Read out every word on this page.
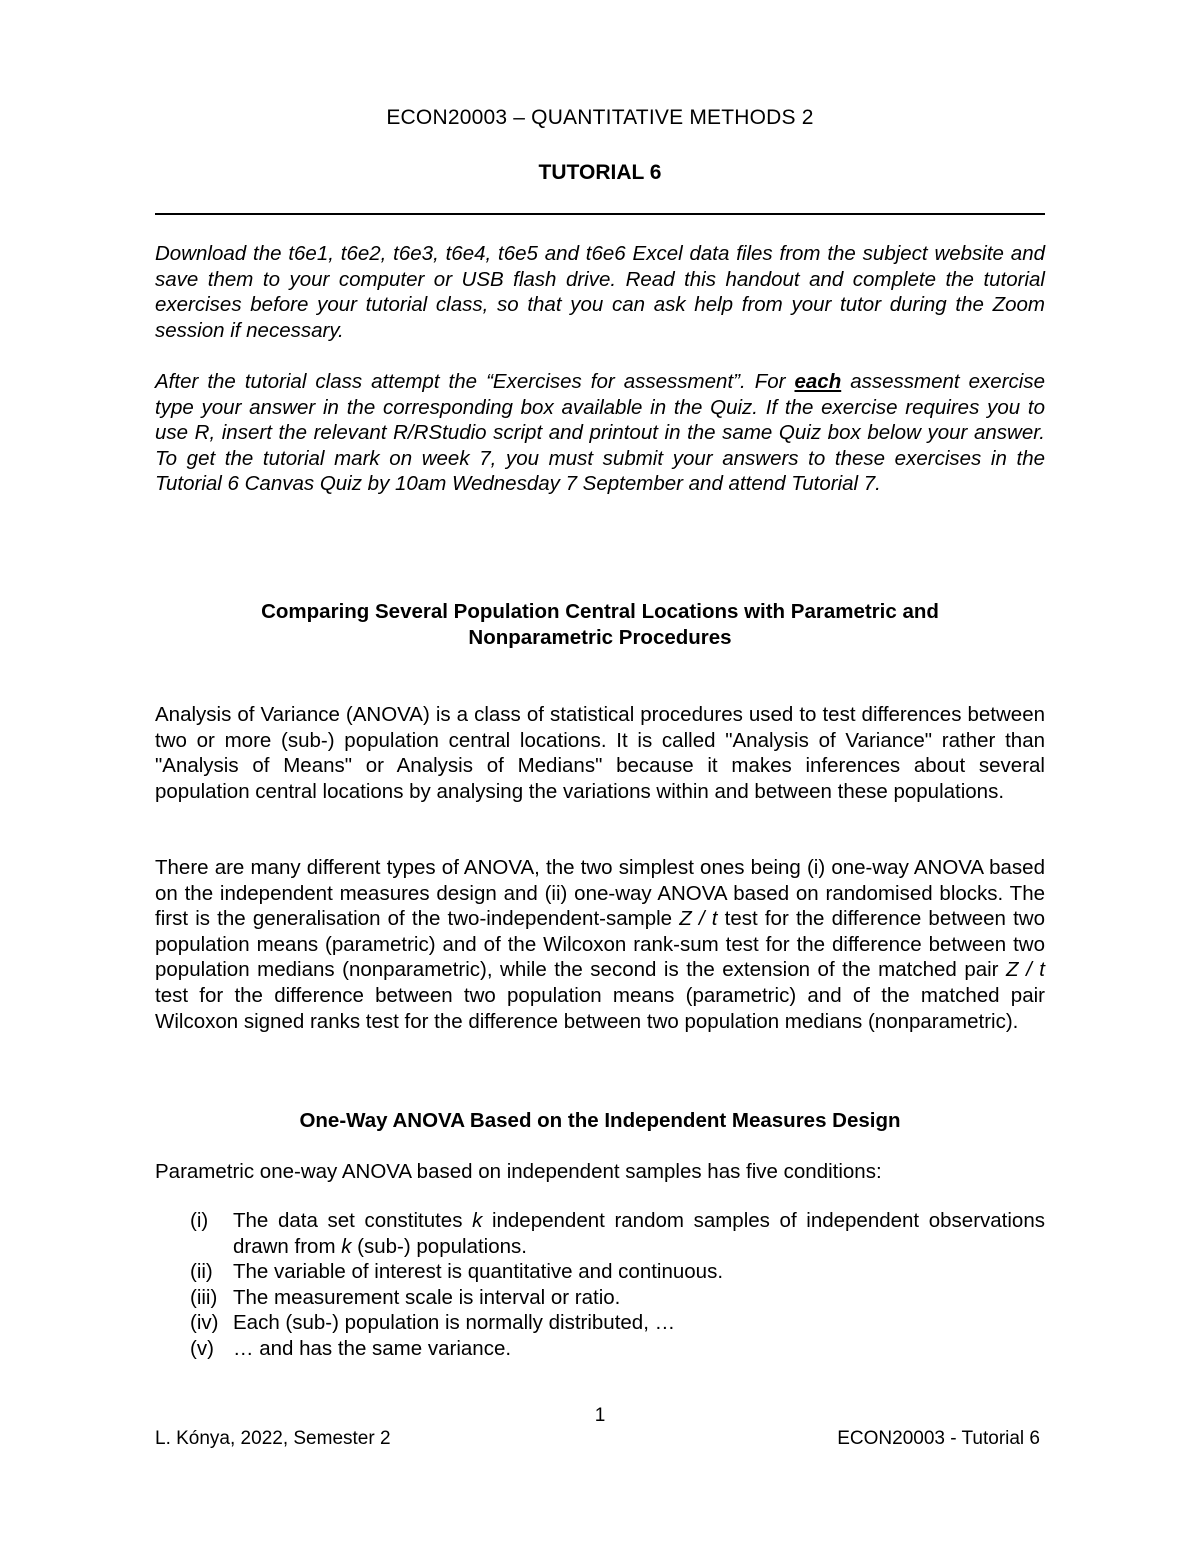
ECON20003 – QUANTITATIVE METHODS 2
TUTORIAL 6
Download the t6e1, t6e2, t6e3, t6e4, t6e5 and t6e6 Excel data files from the subject website and save them to your computer or USB flash drive. Read this handout and complete the tutorial exercises before your tutorial class, so that you can ask help from your tutor during the Zoom session if necessary.
After the tutorial class attempt the “Exercises for assessment”. For each assessment exercise type your answer in the corresponding box available in the Quiz. If the exercise requires you to use R, insert the relevant R/RStudio script and printout in the same Quiz box below your answer. To get the tutorial mark on week 7, you must submit your answers to these exercises in the Tutorial 6 Canvas Quiz by 10am Wednesday 7 September and attend Tutorial 7.
Comparing Several Population Central Locations with Parametric and
Nonparametric Procedures
Analysis of Variance (ANOVA) is a class of statistical procedures used to test differences between two or more (sub-) population central locations. It is called "Analysis of Variance" rather than "Analysis of Means" or Analysis of Medians" because it makes inferences about several population central locations by analysing the variations within and between these populations.
There are many different types of ANOVA, the two simplest ones being (i) one-way ANOVA based on the independent measures design and (ii) one-way ANOVA based on randomised blocks. The first is the generalisation of the two-independent-sample Z / t test for the difference between two population means (parametric) and of the Wilcoxon rank-sum test for the difference between two population medians (nonparametric), while the second is the extension of the matched pair Z / t test for the difference between two population means (parametric) and of the matched pair Wilcoxon signed ranks test for the difference between two population medians (nonparametric).
One-Way ANOVA Based on the Independent Measures Design
Parametric one-way ANOVA based on independent samples has five conditions:
(i)	The data set constitutes k independent random samples of independent observations drawn from k (sub-) populations.
(ii) The variable of interest is quantitative and continuous.
(iii) The measurement scale is interval or ratio.
(iv) Each (sub-) population is normally distributed, …
(v) … and has the same variance.
1
L. Kónya, 2022, Semester 2	ECON20003 - Tutorial 6
